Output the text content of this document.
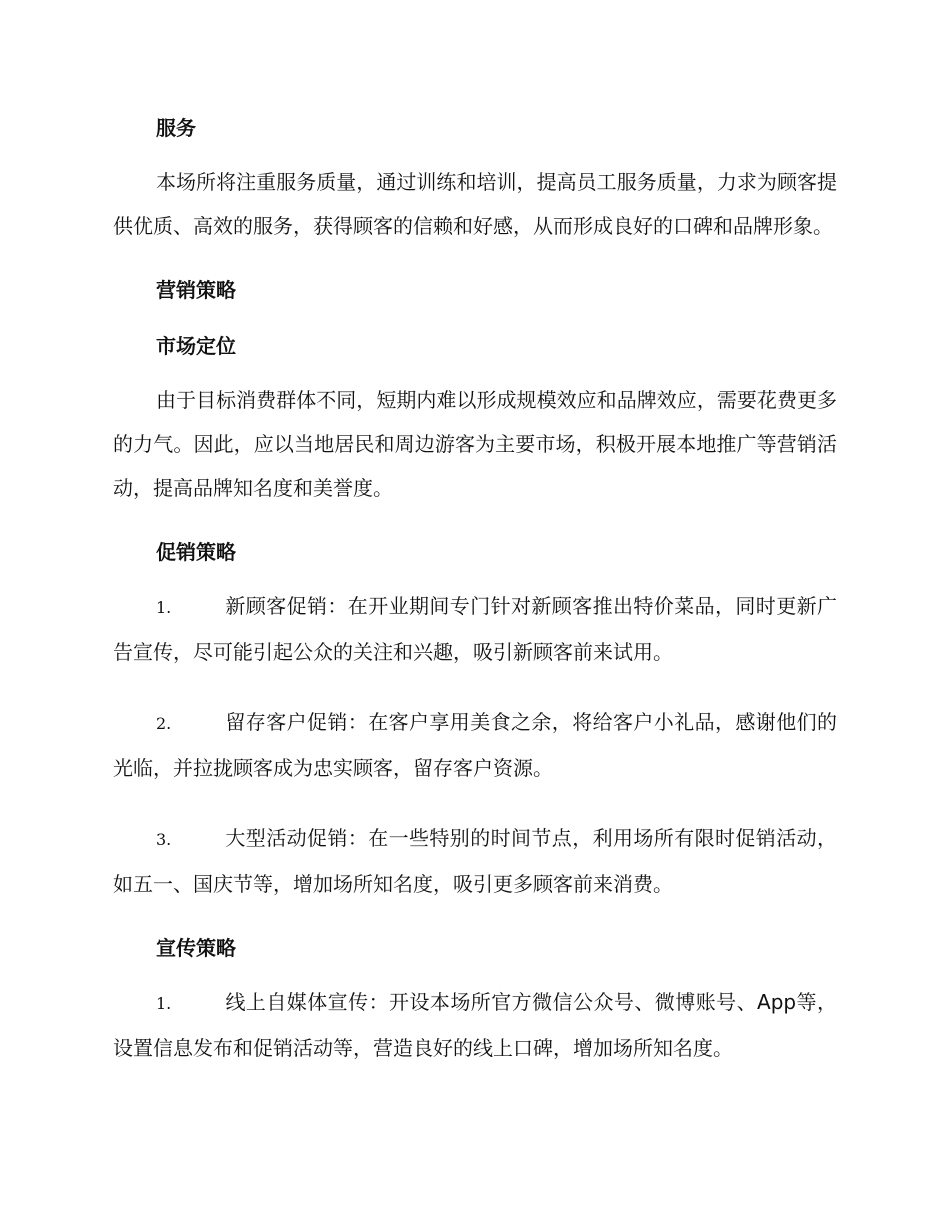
服务

本场所将注重服务质量，通过训练和培训，提高员工服务质量，力求为顾客提供优质、高效的服务，获得顾客的信赖和好感，从而形成良好的口碑和品牌形象。

营销策略
市场定位

由于目标消费群体不同，短期内难以形成规模效应和品牌效应，需要花费更多的力气。因此，应以当地居民和周边游客为主要市场，积极开展本地推广等营销活动，提高品牌知名度和美誉度。

促销策略

1.	新顾客促销：在开业期间专门针对新顾客推出特价菜品，同时更新广告宣传，尽可能引起公众的关注和兴趣，吸引新顾客前来试用。

2.	留存客户促销：在客户享用美食之余，将给客户小礼品，感谢他们的光临，并拉拢顾客成为忠实顾客，留存客户资源。

3.	大型活动促销：在一些特别的时间节点，利用场所有限时促销活动，如五一、国庆节等，增加场所知名度，吸引更多顾客前来消费。

宣传策略

1.	线上自媒体宣传：开设本场所官方微信公众号、微博账号、App等，设置信息发布和促销活动等，营造良好的线上口碑，增加场所知名度。
